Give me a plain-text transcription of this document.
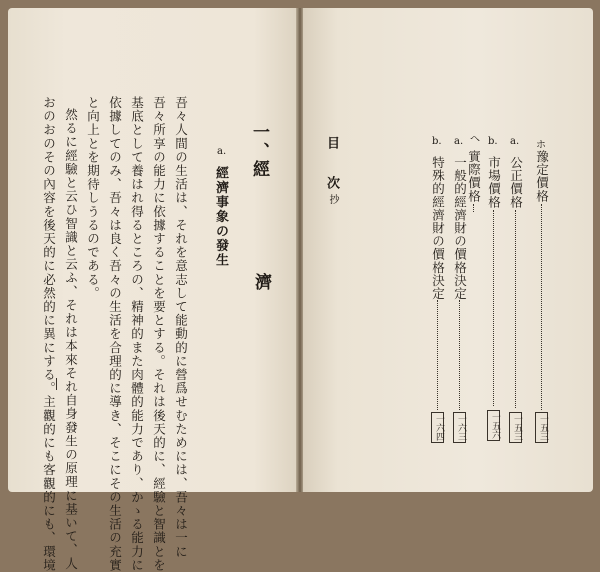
一、
經
濟
a.
經濟事象の發生
吾々人間の生活は、それを意志して能動的に營爲せむためには、吾々は一に
吾々所享の能力に依據することを要とする。それは後天的に、經驗と智識とを
基底として養はれ得るところの、精神的また肉體的能力であり、かゝる能力に
依據してのみ、吾々は良く吾々の生活を合理的に導き、そこにその生活の充實
と向上とを期待しうるのである。
然るに經驗と云ひ智識と云ふ、それは本來それ自身發生の原理に基いて、人
おのおのその內容を後天的に必然的に異にする。主觀的にも客觀的にも、環境	目
次
抄
ホ
a.
b.
へ
a.
b.
豫定價格
一五三
公正價格
一五三
市場價格
一五六
實際價格
一般的經濟財の價格決定
一六三
特殊的經濟財の價格決定
一六四
